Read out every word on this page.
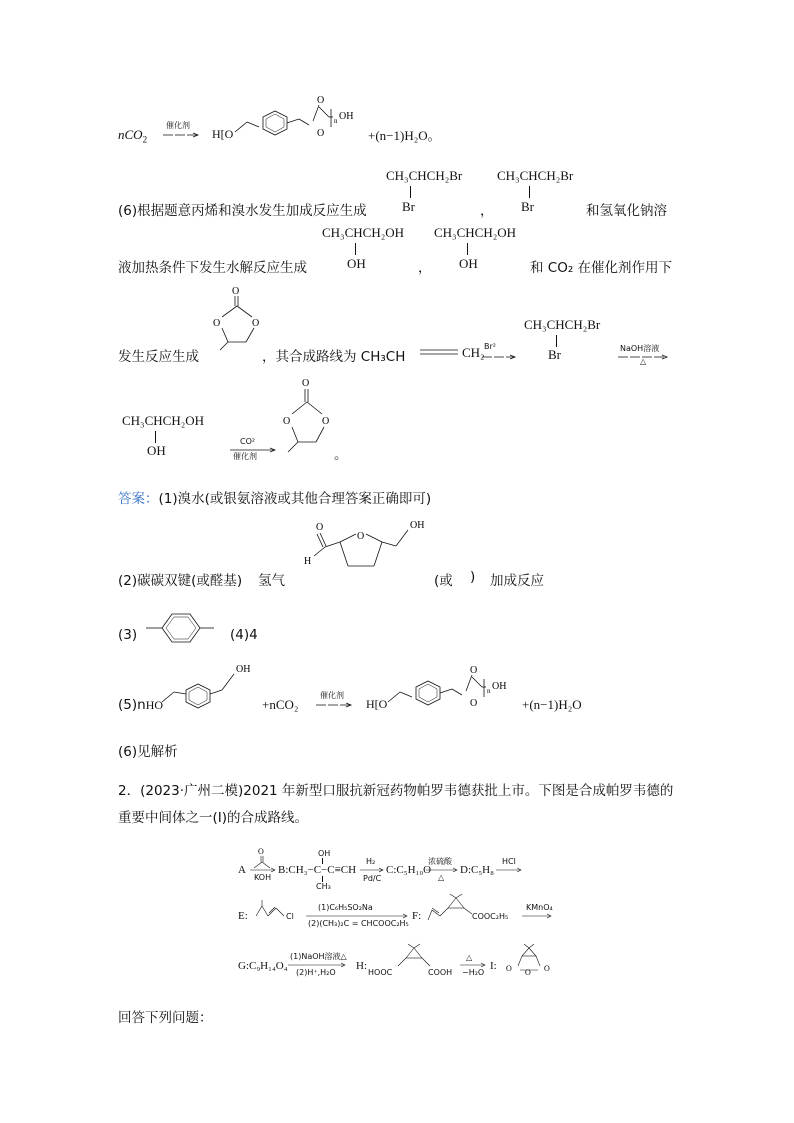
nCO$_2$
催化剂
→ H[O
O
O
n OH
+(n−1)H₂O。
CH₃CHCH₂Br
Br
CH₃CHCH₂Br
Br
(6)根据题意丙烯和溴水发生加成反应生成	，	和氢氧化钠溶
CH₃CHCH₂OH
OH
CH₃CHCH₂OH
OH
液加热条件下发生水解反应生成	，	和 CO₂ 在催化剂作用下
O
O	O
发生反应生成	，其合成路线为 CH₃CH	CH₂ Br²
CH₃CHCH₂Br
Br	NaOH溶液
△
CH₃CHCH₂OH
OH
CO²
催化剂
O
O	O
。
答案：(1)溴水(或银氨溶液或其他合理答案正确即可)
O
H
O
OH
(2)碳碳双键(或醛基) 氢气	(或 ) 加成反应
(3)	(4)4
(5)nHO
OH
+nCO₂
催化剂
→ H[O
O
O
n OH
+(n−1)H₂O
(6)见解析
2．(2023·广州二模)2021 年新型口服抗新冠药物帕罗韦德获批上市。下图是合成帕罗韦德的
重要中间体之一(Ⅰ)的合成路线。
A
O
KOH
B:CH₃−C−C≡CH
OH
CH₃
H₂
Pd/C
C:C₅H₁₀O
浓硫酸
△
D:C₅H₈
HCl
E:	Cl
(1)C₆H₅SO₂Na
(2)(CH₃)₂C = CHCOOC₂H₅
F:	COOC₂H₅
KMnO₄
G:C₉H₁₄O₄
(1)NaOH溶液△
(2)H⁺,H₂O
H:
HOOC	COOH
△
−H₂O
I:
O
O	O
回答下列问题：
